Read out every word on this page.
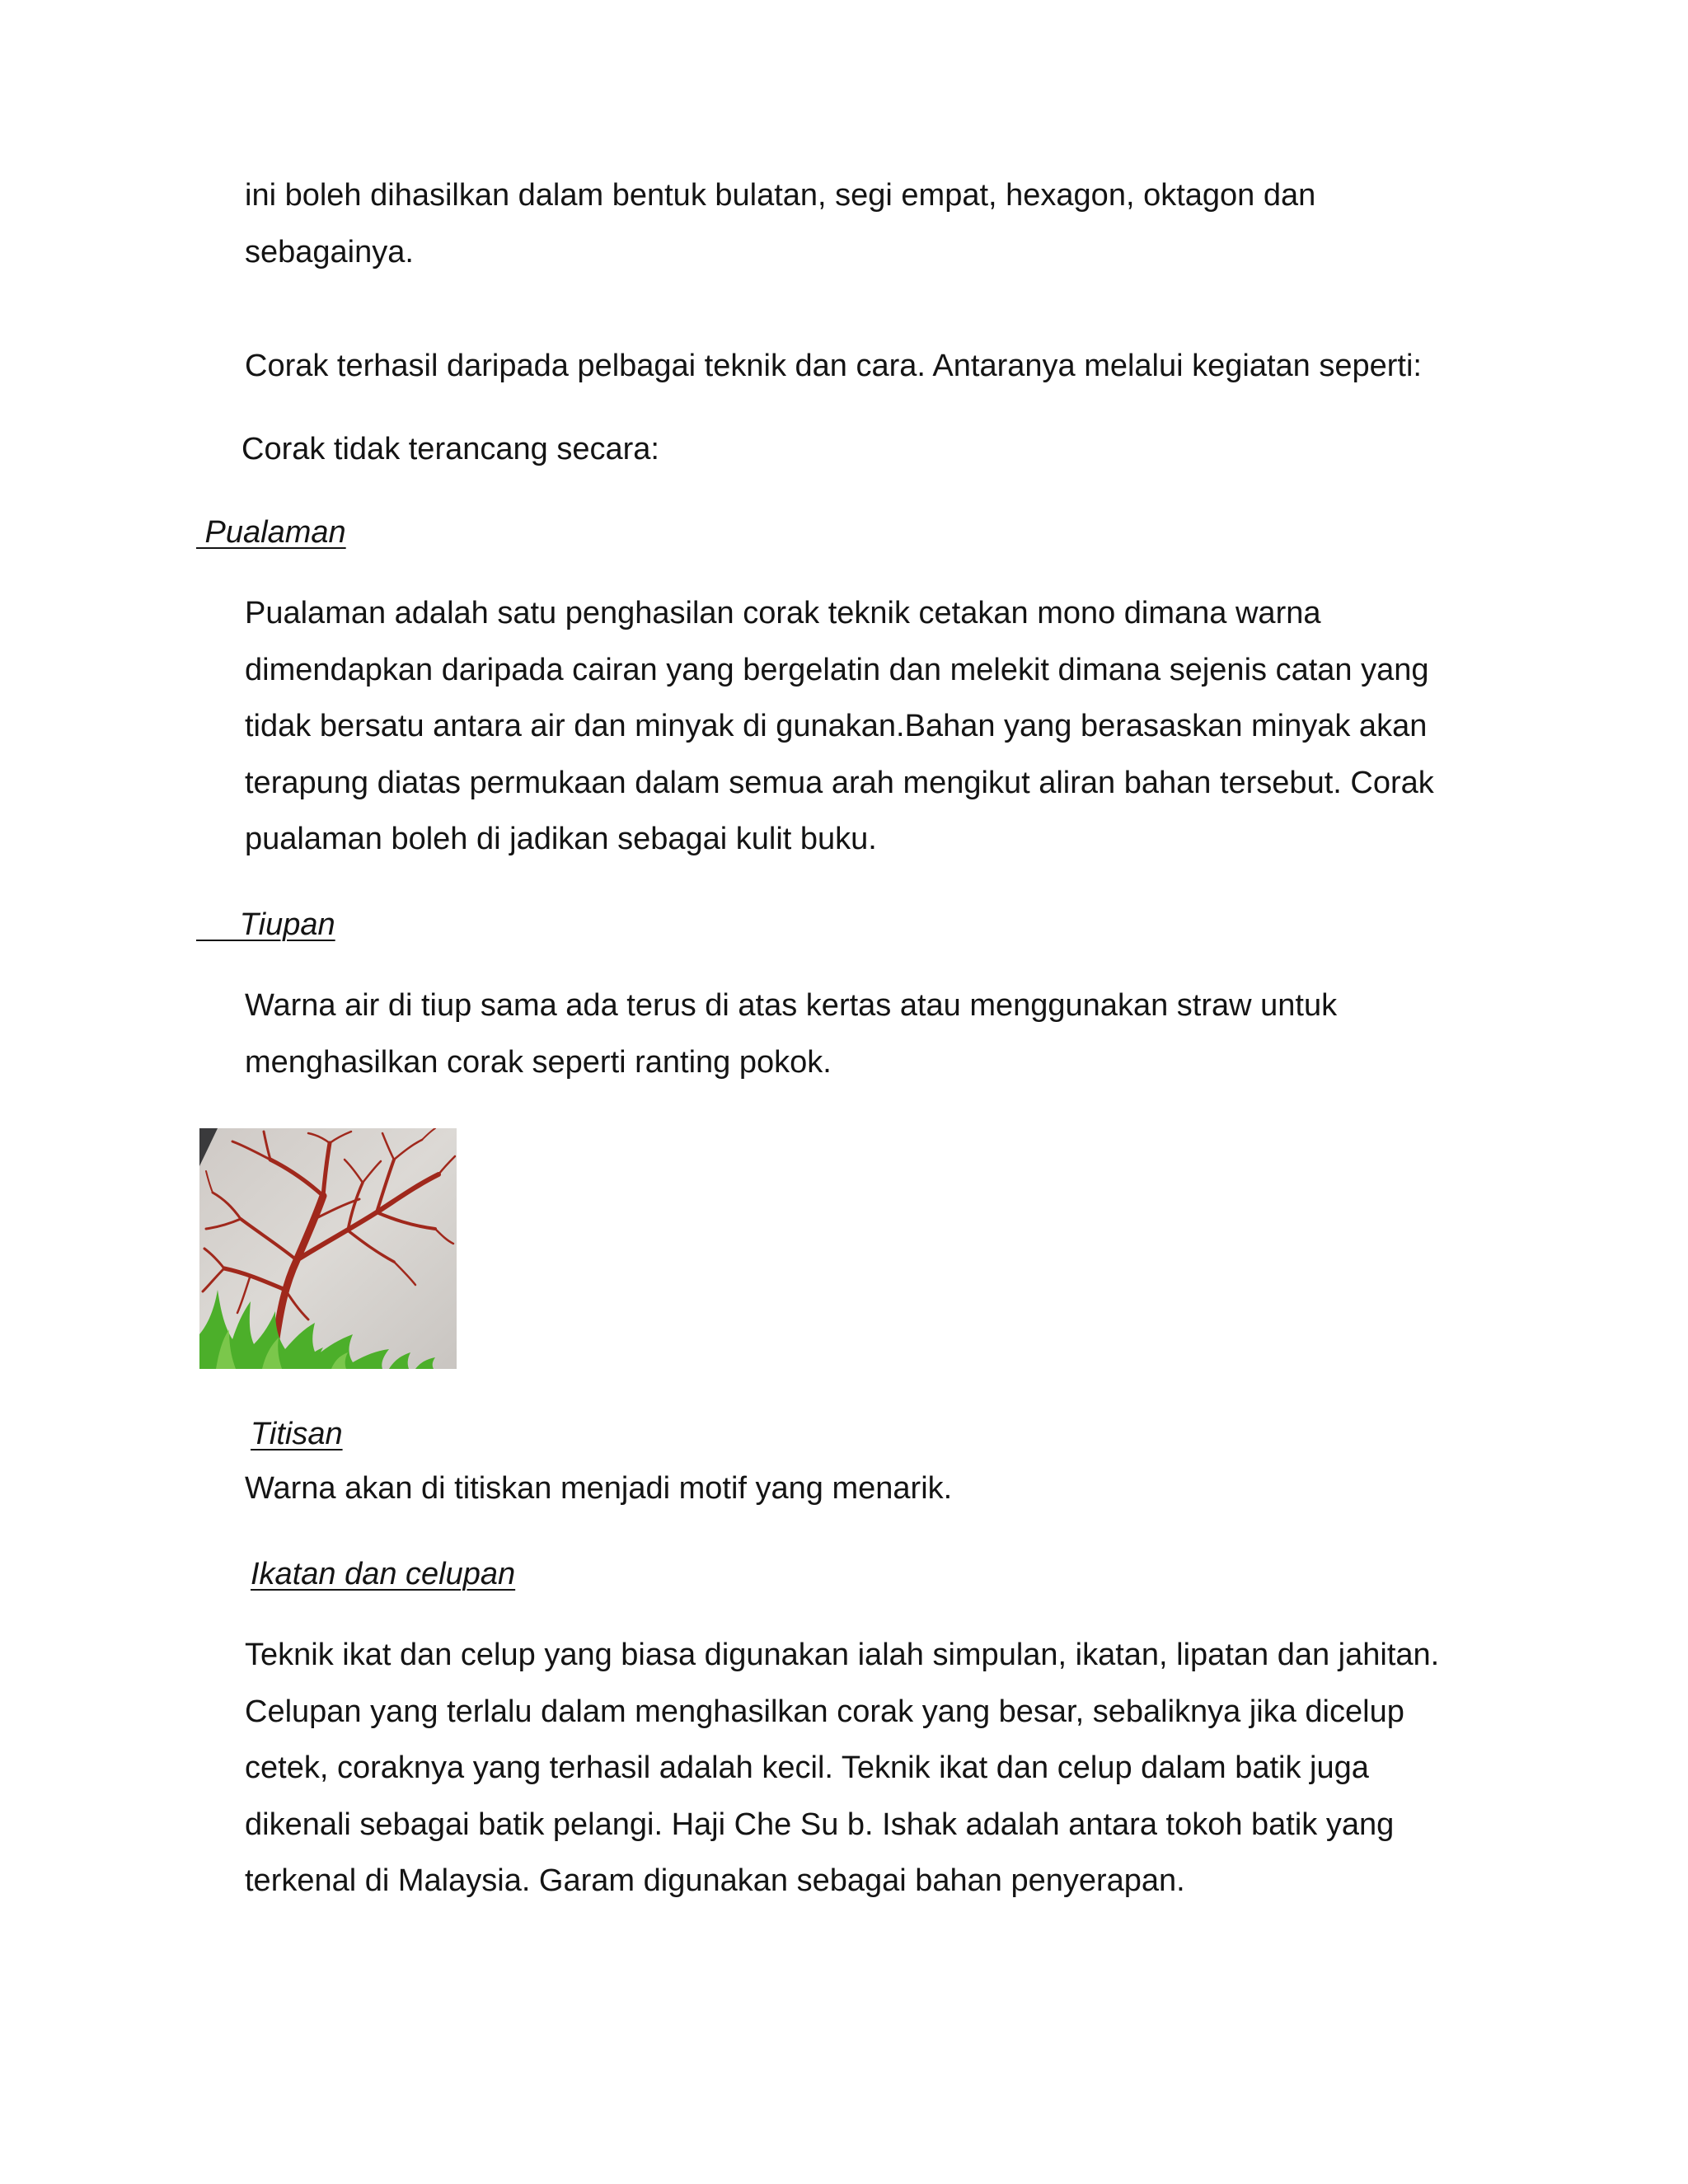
ini boleh dihasilkan dalam bentuk bulatan, segi empat, hexagon, oktagon dan
sebagainya.
Corak terhasil daripada pelbagai teknik dan cara. Antaranya melalui kegiatan seperti:
Corak tidak terancang secara:
Pualaman
Pualaman adalah satu penghasilan corak teknik cetakan mono dimana warna
dimendapkan daripada cairan yang bergelatin dan melekit dimana sejenis catan yang
tidak bersatu antara air dan minyak di gunakan.Bahan yang berasaskan minyak akan
terapung diatas permukaan dalam semua arah mengikut aliran bahan tersebut. Corak
pualaman boleh di jadikan sebagai kulit buku.
Tiupan
Warna air di tiup sama ada terus di atas kertas atau menggunakan straw untuk
menghasilkan corak seperti ranting pokok.
Titisan
Warna akan di titiskan menjadi motif yang menarik.
Ikatan dan celupan
Teknik ikat dan celup yang biasa digunakan ialah simpulan, ikatan, lipatan dan jahitan.
Celupan yang terlalu dalam menghasilkan corak yang besar, sebaliknya jika dicelup
cetek, coraknya yang terhasil adalah kecil. Teknik ikat dan celup dalam batik juga
dikenali sebagai batik pelangi. Haji Che Su b. Ishak adalah antara tokoh batik yang
terkenal di Malaysia. Garam digunakan sebagai bahan penyerapan.
